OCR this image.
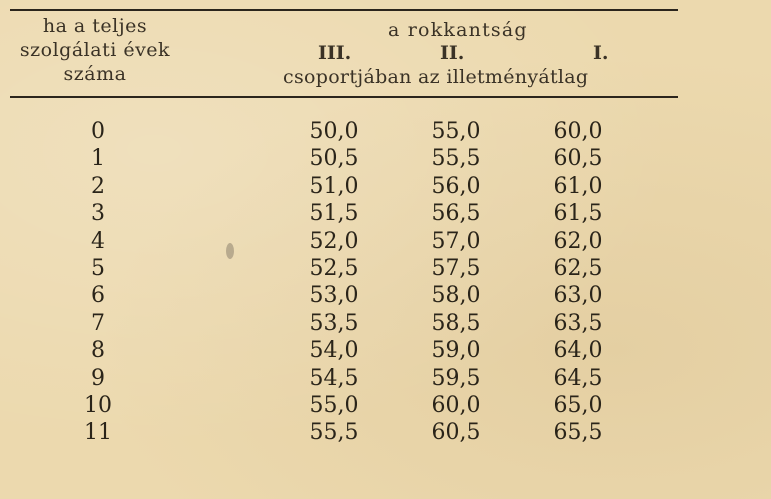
ha a teljes
szolgálati évek
száma
a rokkantság
III.	II.	I.
csoportjában az illetményátlag
0	50,0	55,0	60,0
1	50,5	55,5	60,5
2	51,0	56,0	61,0
3	51,5	56,5	61,5
4	52,0	57,0	62,0
5	52,5	57,5	62,5
6	53,0	58,0	63,0
7	53,5	58,5	63,5
8	54,0	59,0	64,0
9	54,5	59,5	64,5
10	55,0	60,0	65,0
11	55,5	60,5	65,5
